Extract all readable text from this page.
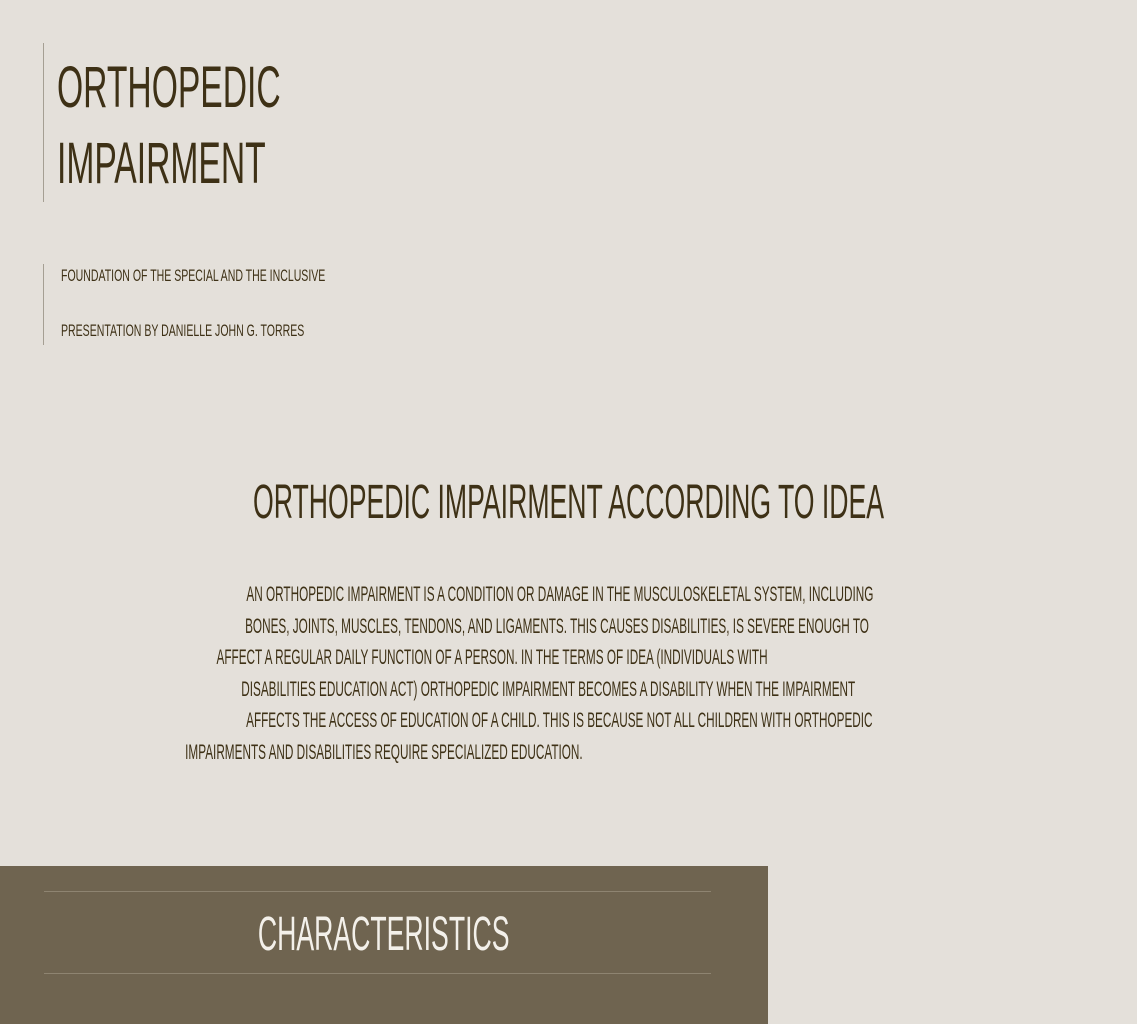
ORTHOPEDIC
IMPAIRMENT
FOUNDATION OF THE SPECIAL AND THE INCLUSIVE
PRESENTATION BY DANIELLE JOHN G. TORRES
ORTHOPEDIC IMPAIRMENT ACCORDING TO IDEA
AN ORTHOPEDIC IMPAIRMENT IS A CONDITION OR DAMAGE IN THE MUSCULOSKELETAL SYSTEM, INCLUDING
BONES, JOINTS, MUSCLES, TENDONS, AND LIGAMENTS. THIS CAUSES DISABILITIES, IS SEVERE ENOUGH TO
AFFECT A REGULAR DAILY FUNCTION OF A PERSON. IN THE TERMS OF IDEA (INDIVIDUALS WITH
DISABILITIES EDUCATION ACT) ORTHOPEDIC IMPAIRMENT BECOMES A DISABILITY WHEN THE IMPAIRMENT
AFFECTS THE ACCESS OF EDUCATION OF A CHILD. THIS IS BECAUSE NOT ALL CHILDREN WITH ORTHOPEDIC
IMPAIRMENTS AND DISABILITIES REQUIRE SPECIALIZED EDUCATION.
CHARACTERISTICS
